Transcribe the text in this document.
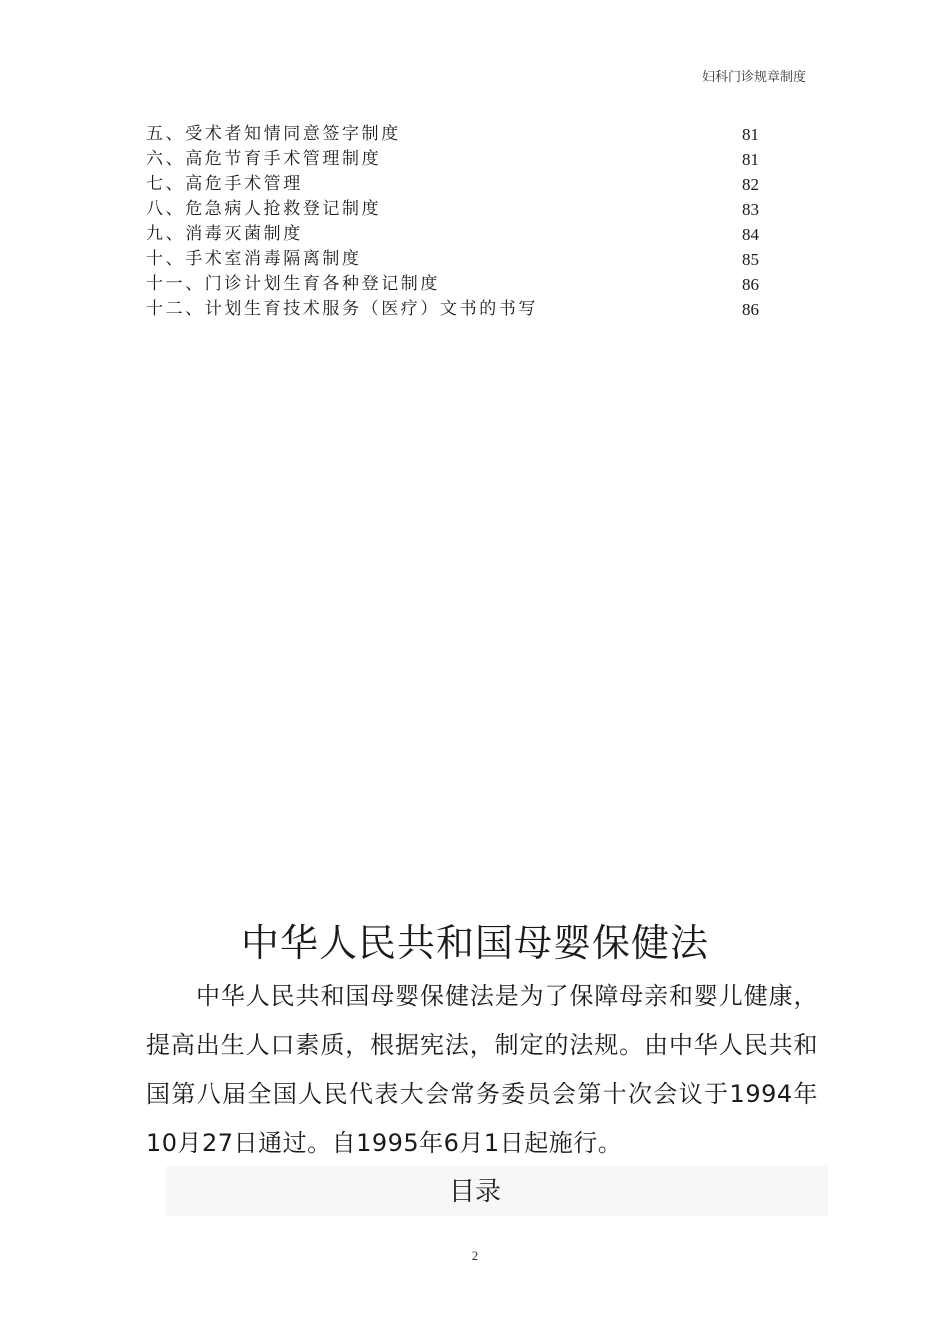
妇科门诊规章制度
五、受术者知情同意签字制度	81
六、高危节育手术管理制度	81
七、高危手术管理	82
八、危急病人抢救登记制度	83
九、消毒灭菌制度	84
十、手术室消毒隔离制度	85
十一、门诊计划生育各种登记制度	86
十二、计划生育技术服务（医疗）文书的书写	86
中华人民共和国母婴保健法

中华人民共和国母婴保健法是为了保障母亲和婴儿健康，提高出生人口素质，根据宪法，制定的法规。由中华人民共和国第八届全国人民代表大会常务委员会第十次会议于1994年10月27日通过。自1995年6月1日起施行。

目录
2
